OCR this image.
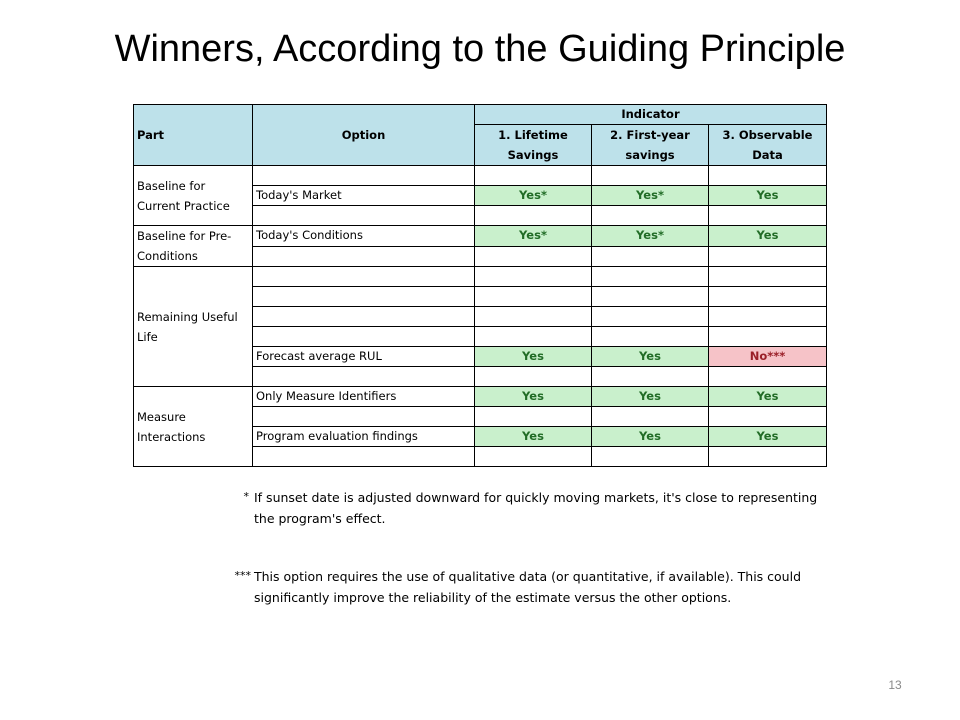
Winners, According to the Guiding Principle
Part	Option	Indicator		
		1. Lifetime Savings	2. First-year savings	3. Observable Data

Baseline for Current Practice				
	Today's Market	Yes*	Yes*	Yes

Baseline for Pre-Conditions	Today's Conditions	Yes*	Yes*	Yes

Remaining Useful Life				

	Forecast average RUL	Yes	Yes	No***

Measure Interactions	Only Measure Identifiers	Yes	Yes	Yes

	Program evaluation findings	Yes	Yes	Yes

* If sunset date is adjusted downward for quickly moving markets, it's close to representing the program's effect.
*** This option requires the use of qualitative data (or quantitative, if available). This could significantly improve the reliability of the estimate versus the other options.
13
